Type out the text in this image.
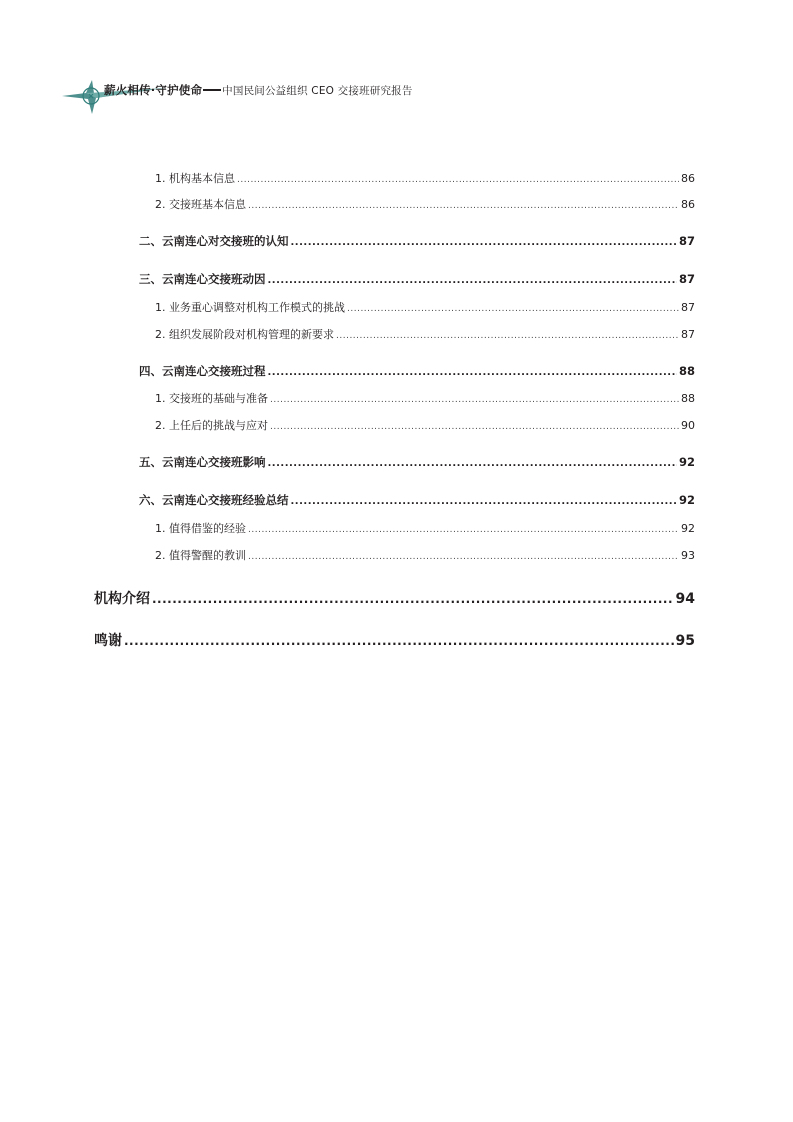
薪火相传·守护使命 中国民间公益组织 CEO 交接班研究报告
1. 机构基本信息 .....	86
2. 交接班基本信息 .....	86
二、云南连心对交接班的认知 .....	87
三、云南连心交接班动因 .....	87
1. 业务重心调整对机构工作模式的挑战 .....	87
2. 组织发展阶段对机构管理的新要求 .....	87
四、云南连心交接班过程 .....	88
1. 交接班的基础与准备 .....	88
2. 上任后的挑战与应对 .....	90
五、云南连心交接班影响 .....	92
六、云南连心交接班经验总结 .....	92
1. 值得借鉴的经验 .....	92
2. 值得警醒的教训 .....	93
机构介绍 .....	94
鸣谢 .....	95
